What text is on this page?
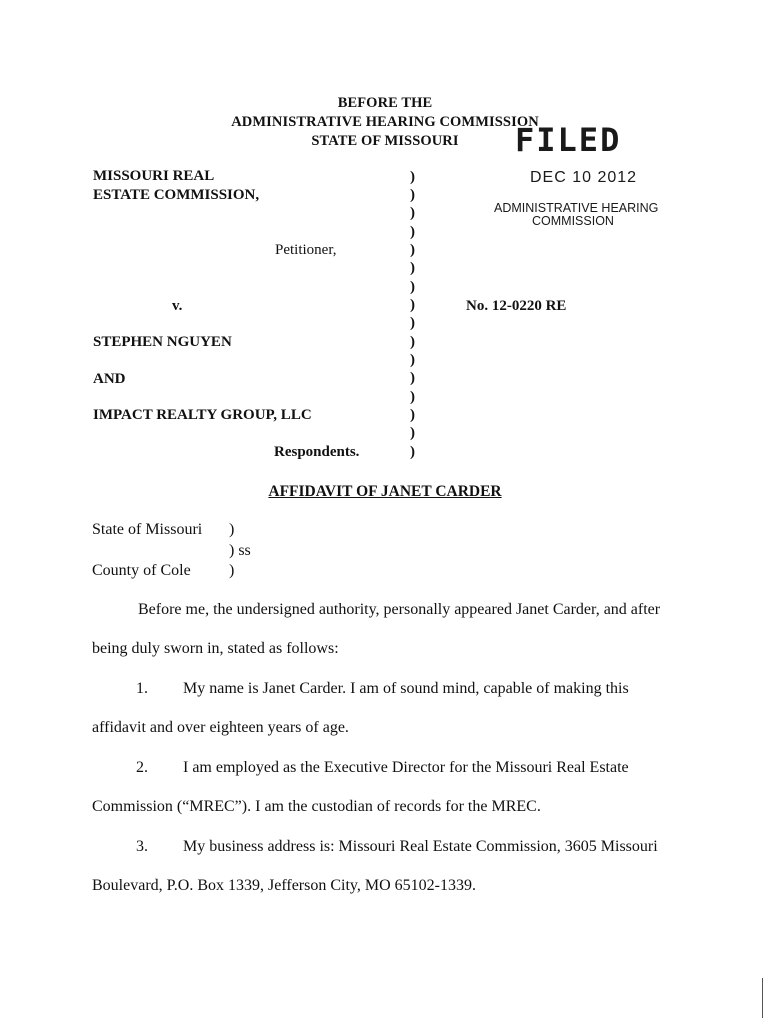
BEFORE THE
ADMINISTRATIVE HEARING COMMISSION
STATE OF MISSOURI	FILED
DEC 10 2012
ADMINISTRATIVE HEARING
COMMISSION
MISSOURI REAL
ESTATE COMMISSION,
Petitioner,
v.
STEPHEN NGUYEN
AND
IMPACT REALTY GROUP, LLC
Respondents.
)
)
)
)
)
)
)
)
)
)
)
)
)
)
)
)
No. 12-0220 RE
AFFIDAVIT OF JANET CARDER
State of Missouri )
) ss
County of Cole )
Before me, the undersigned authority, personally appeared Janet Carder, and after
being duly sworn in, stated as follows:
1. My name is Janet Carder. I am of sound mind, capable of making this
affidavit and over eighteen years of age.
2. I am employed as the Executive Director for the Missouri Real Estate
Commission (“MREC”). I am the custodian of records for the MREC.
3. My business address is: Missouri Real Estate Commission, 3605 Missouri
Boulevard, P.O. Box 1339, Jefferson City, MO 65102-1339.
